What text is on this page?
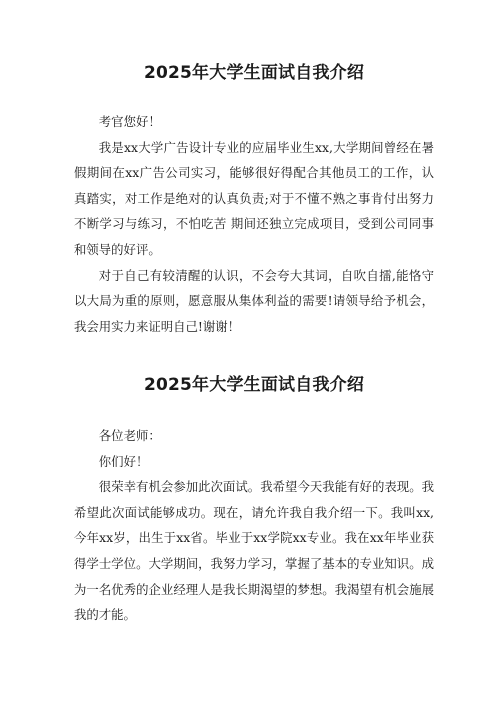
2025年大学生面试自我介绍

考官您好！

我是xx大学广告设计专业的应届毕业生xx,大学期间曾经在暑假期间在xx广告公司实习，能够很好得配合其他员工的工作，认真踏实，对工作是绝对的认真负责;对于不懂不熟之事肯付出努力不断学习与练习，不怕吃苦 期间还独立完成项目，受到公司同事和领导的好评。

对于自己有较清醒的认识，不会夸大其词，自吹自擂,能恪守以大局为重的原则，愿意服从集体利益的需要!请领导给予机会，我会用实力来证明自己!谢谢！

2025年大学生面试自我介绍

各位老师：

你们好！

很荣幸有机会参加此次面试。我希望今天我能有好的表现。我希望此次面试能够成功。现在，请允许我自我介绍一下。我叫xx,今年xx岁，出生于xx省。毕业于xx学院xx专业。我在xx年毕业获得学士学位。大学期间，我努力学习，掌握了基本的专业知识。成为一名优秀的企业经理人是我长期渴望的梦想。我渴望有机会施展我的才能。
